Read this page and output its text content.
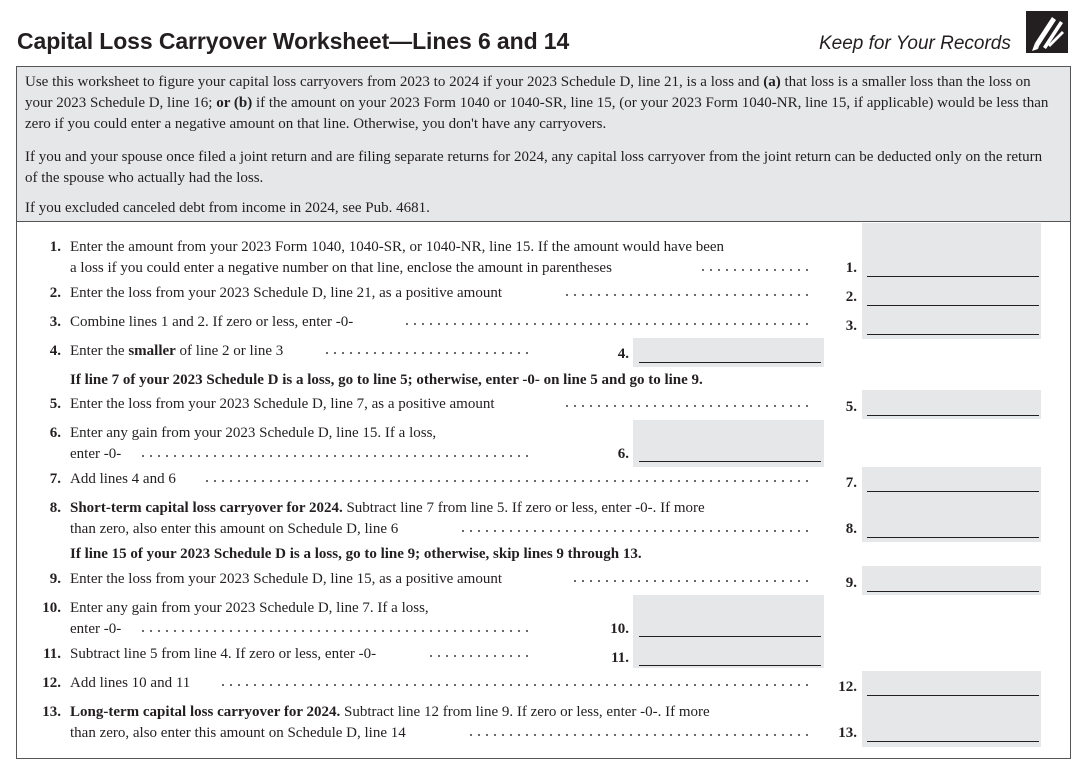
Capital Loss Carryover Worksheet—Lines 6 and 14	Keep for Your Records

Use this worksheet to figure your capital loss carryovers from 2023 to 2024 if your 2023 Schedule D, line 21, is a loss and (a) that loss is a smaller loss than the loss on your 2023 Schedule D, line 16; or (b) if the amount on your 2023 Form 1040 or 1040-SR, line 15, (or your 2023 Form 1040-NR, line 15, if applicable) would be less than zero if you could enter a negative amount on that line. Otherwise, you don't have any carryovers.

If you and your spouse once filed a joint return and are filing separate returns for 2024, any capital loss carryover from the joint return can be deducted only on the return of the spouse who actually had the loss.

If you excluded canceled debt from income in 2024, see Pub. 4681.

1. Enter the amount from your 2023 Form 1040, 1040-SR, or 1040-NR, line 15. If the amount would have been
a loss if you could enter a negative number on that line, enclose the amount in parentheses	1.
2. Enter the loss from your 2023 Schedule D, line 21, as a positive amount	2.
3. Combine lines 1 and 2. If zero or less, enter -0-	3.
4. Enter the smaller of line 2 or line 3	4.
If line 7 of your 2023 Schedule D is a loss, go to line 5; otherwise, enter -0- on line 5 and go to line 9.
5. Enter the loss from your 2023 Schedule D, line 7, as a positive amount	5.
6. Enter any gain from your 2023 Schedule D, line 15. If a loss,
enter -0-	6.
7. Add lines 4 and 6	7.
8. Short-term capital loss carryover for 2024. Subtract line 7 from line 5. If zero or less, enter -0-. If more
than zero, also enter this amount on Schedule D, line 6	8.
If line 15 of your 2023 Schedule D is a loss, go to line 9; otherwise, skip lines 9 through 13.
9. Enter the loss from your 2023 Schedule D, line 15, as a positive amount	9.
10. Enter any gain from your 2023 Schedule D, line 7. If a loss,
enter -0-	10.
11. Subtract line 5 from line 4. If zero or less, enter -0-	11.
12. Add lines 10 and 11	12.
13. Long-term capital loss carryover for 2024. Subtract line 12 from line 9. If zero or less, enter -0-. If more
than zero, also enter this amount on Schedule D, line 14	13.
